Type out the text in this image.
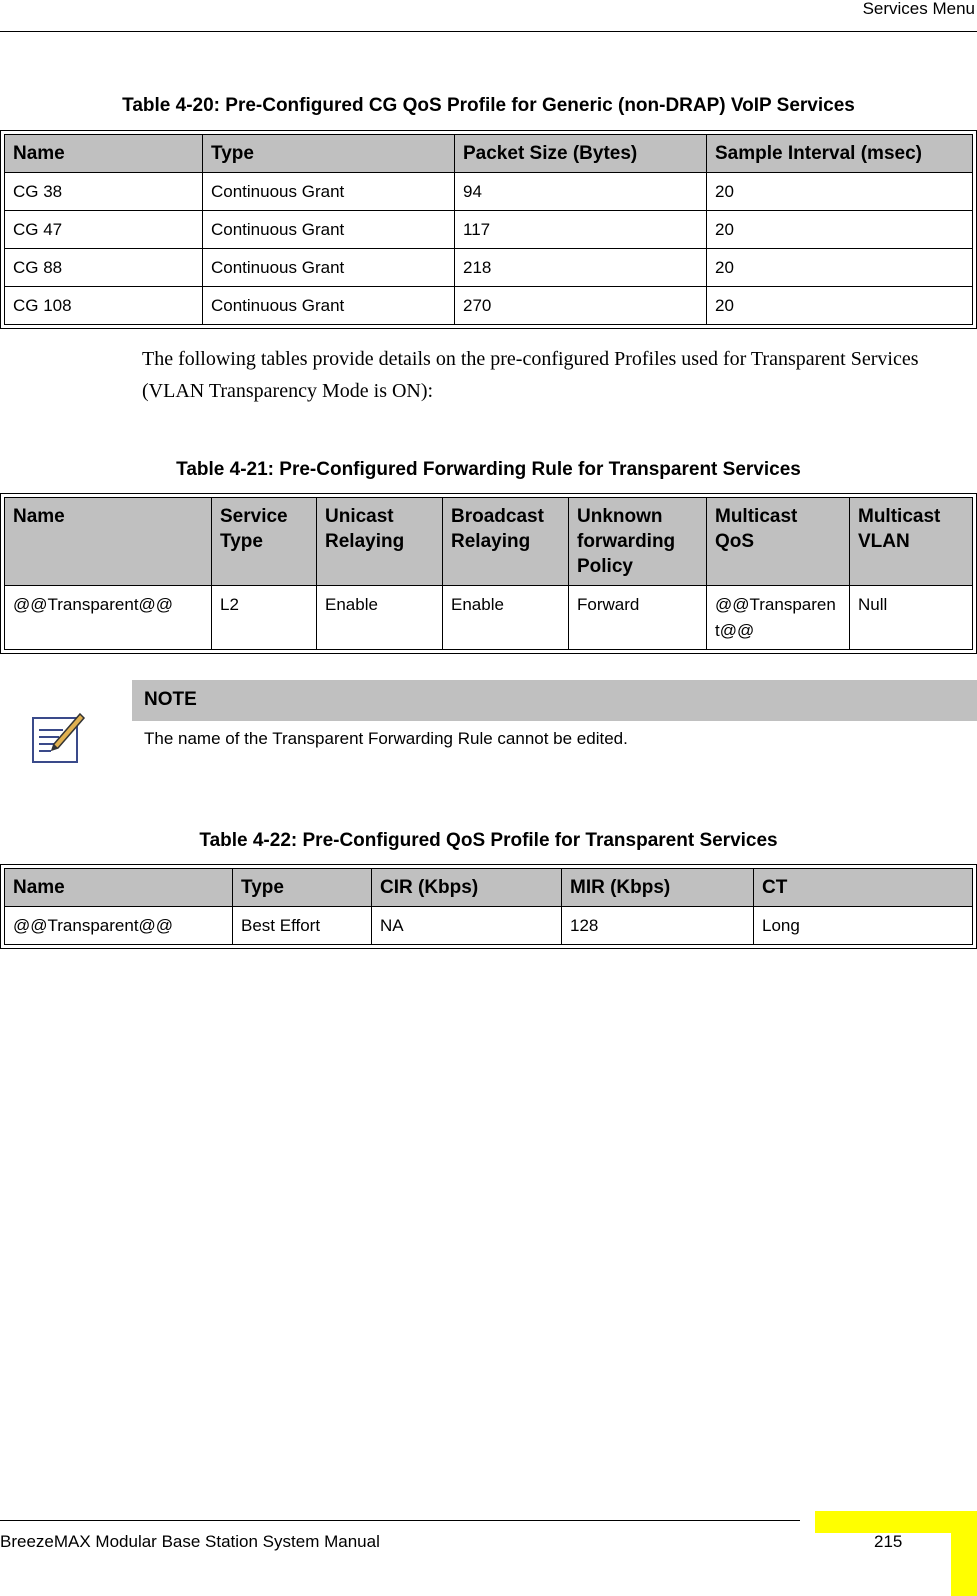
Services Menu
Table 4-20: Pre-Configured CG QoS Profile for Generic (non-DRAP) VoIP Services
Name	Type	Packet Size (Bytes)	Sample Interval (msec)
CG 38	Continuous Grant	94	20
CG 47	Continuous Grant	117	20
CG 88	Continuous Grant	218	20
CG 108	Continuous Grant	270	20
The following tables provide details on the pre-configured Profiles used for Transparent Services (VLAN Transparency Mode is ON):
Table 4-21: Pre-Configured Forwarding Rule for Transparent Services
Name	Service Type	Unicast Relaying	Broadcast Relaying	Unknown forwarding Policy	Multicast QoS	Multicast VLAN
@@Transparent@@	L2	Enable	Enable	Forward	@@Transparent@@	Null
NOTE
The name of the Transparent Forwarding Rule cannot be edited.
Table 4-22: Pre-Configured QoS Profile for Transparent Services
Name	Type	CIR (Kbps)	MIR (Kbps)	CT
@@Transparent@@	Best Effort	NA	128	Long
BreezeMAX Modular Base Station System Manual	215
